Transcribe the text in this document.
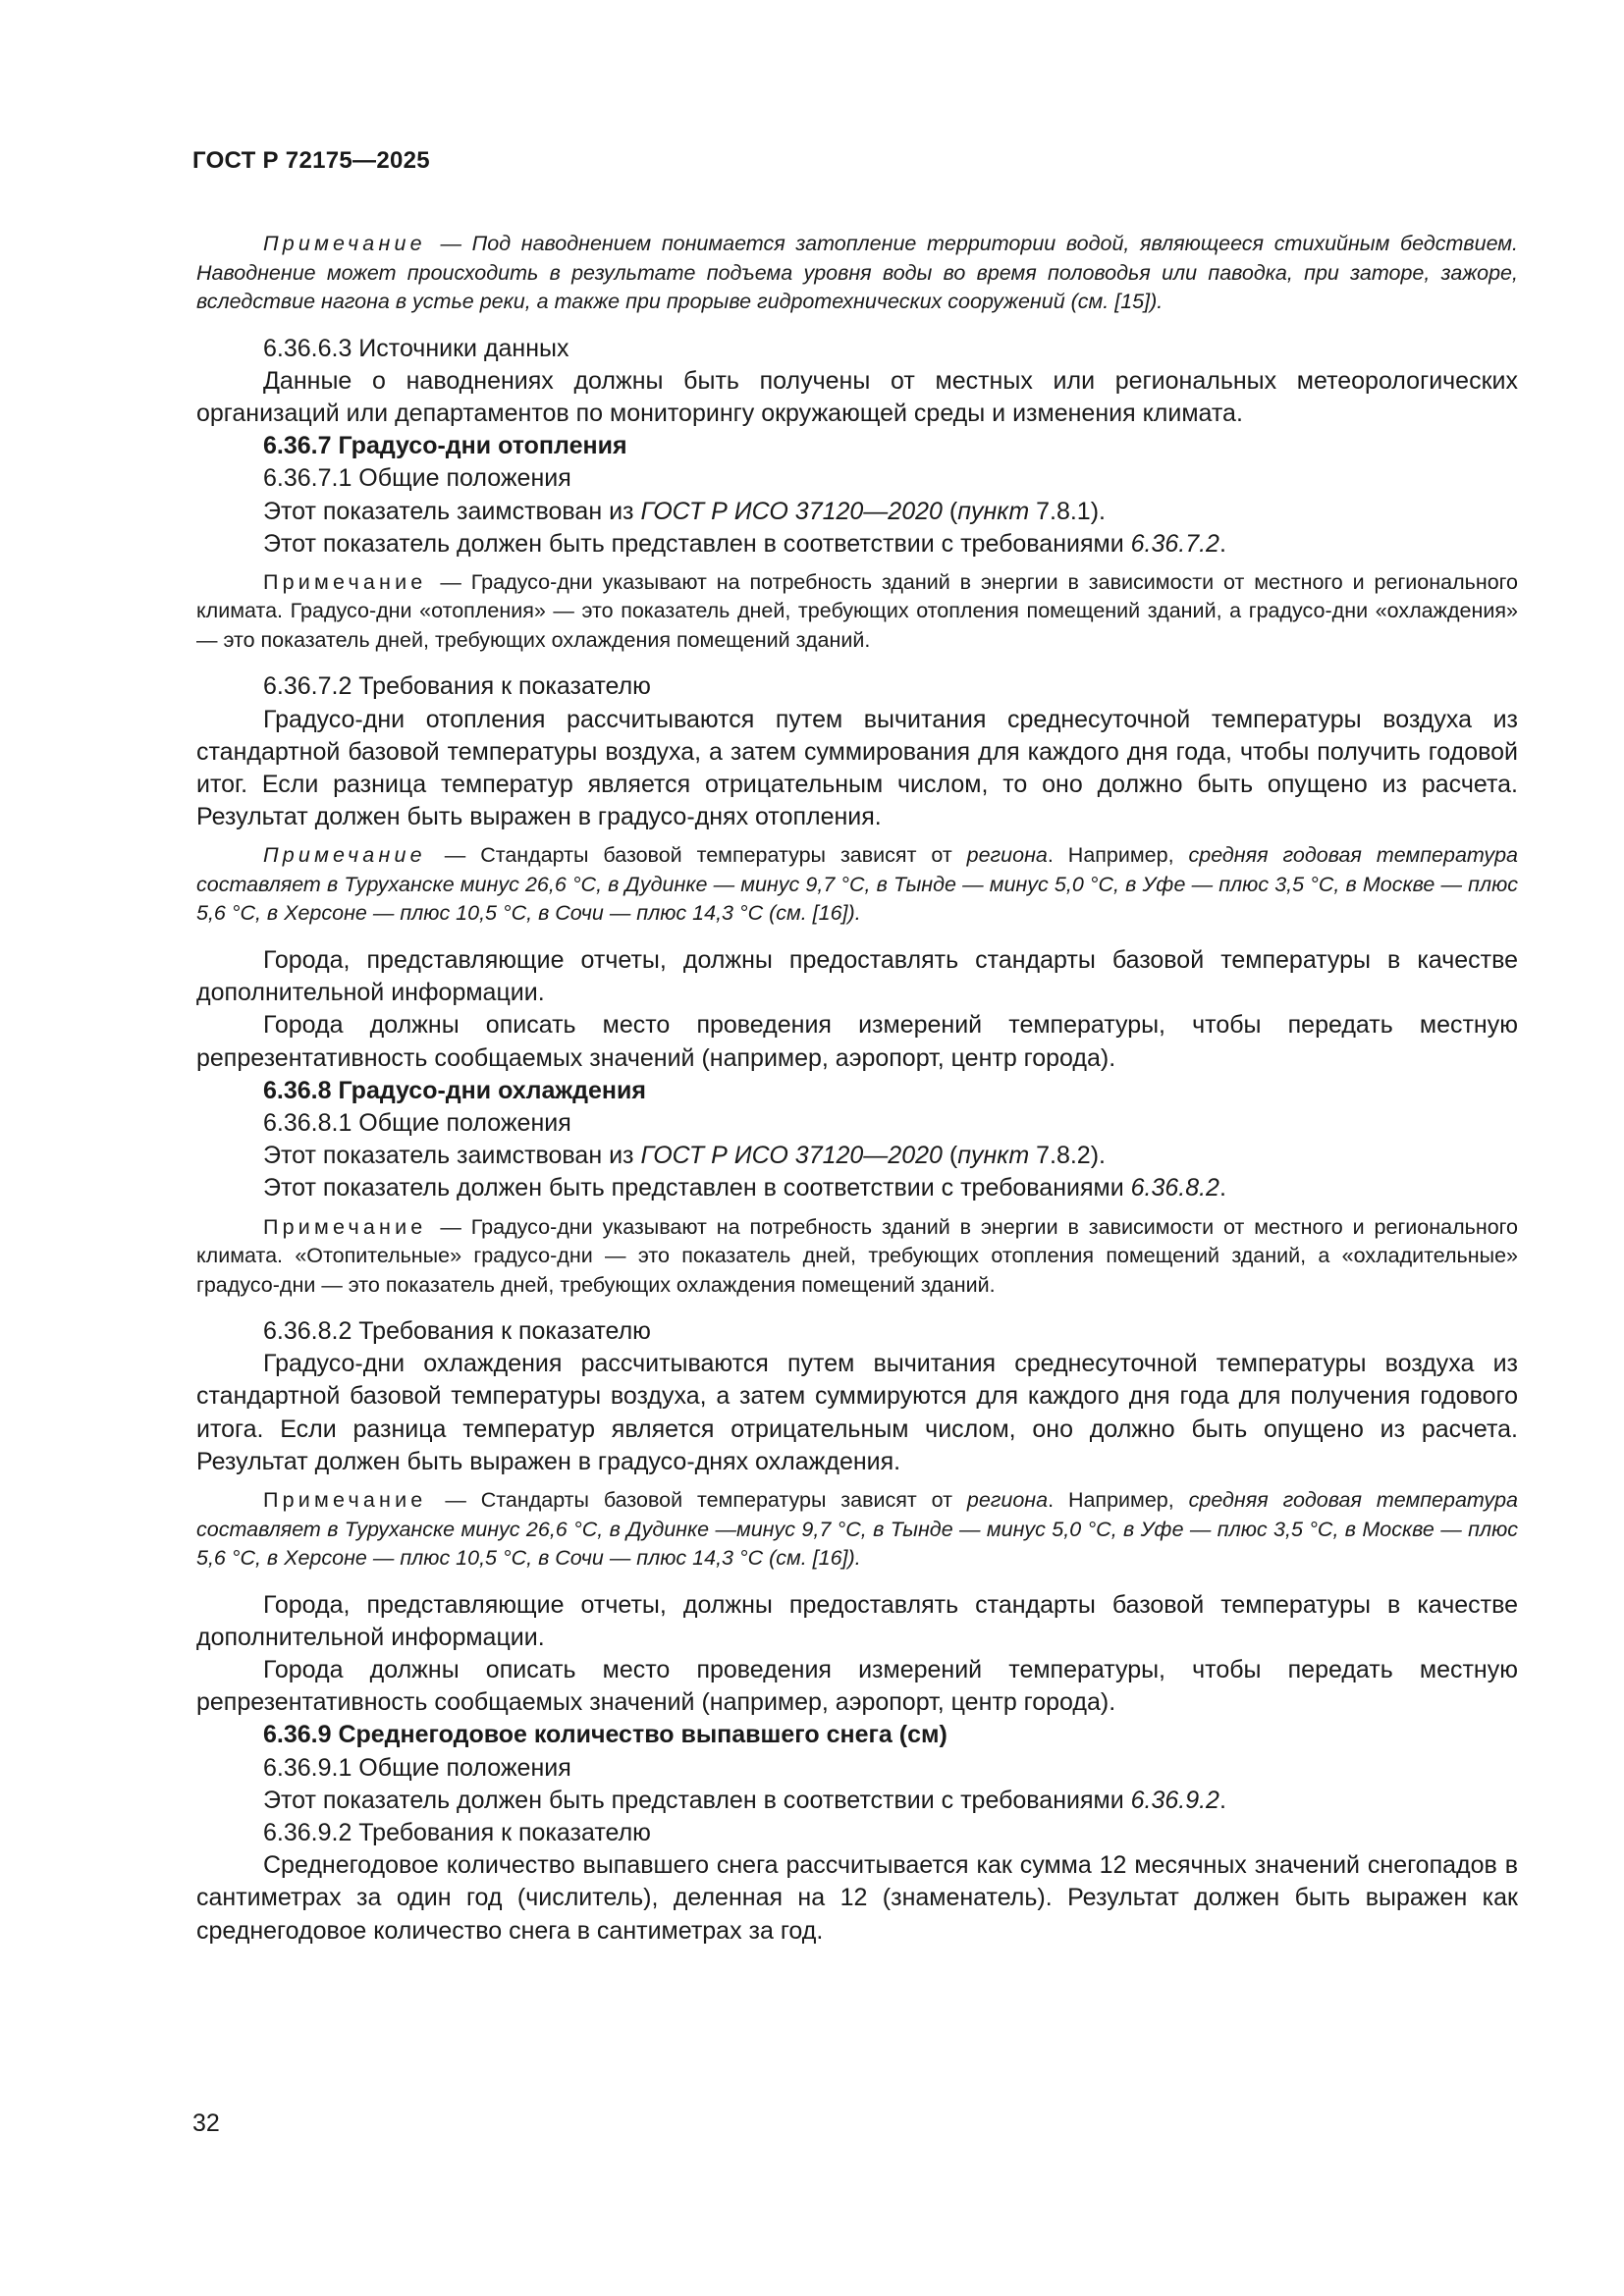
ГОСТ Р 72175—2025

Примечание — Под наводнением понимается затопление территории водой, являющееся стихийным бедствием. Наводнение может происходить в результате подъема уровня воды во время половодья или паводка, при заторе, зажоре, вследствие нагона в устье реки, а также при прорыве гидротехнических сооружений (см. [15]).

6.36.6.3 Источники данных

Данные о наводнениях должны быть получены от местных или региональных метеорологических организаций или департаментов по мониторингу окружающей среды и изменения климата.

6.36.7 Градусо-дни отопления

6.36.7.1 Общие положения

Этот показатель заимствован из ГОСТ Р ИСО 37120—2020 (пункт 7.8.1).

Этот показатель должен быть представлен в соответствии с требованиями 6.36.7.2.

Примечание — Градусо-дни указывают на потребность зданий в энергии в зависимости от местного и регионального климата. Градусо-дни «отопления» — это показатель дней, требующих отопления помещений зданий, а градусо-дни «охлаждения» — это показатель дней, требующих охлаждения помещений зданий.

6.36.7.2 Требования к показателю

Градусо-дни отопления рассчитываются путем вычитания среднесуточной температуры воздуха из стандартной базовой температуры воздуха, а затем суммирования для каждого дня года, чтобы получить годовой итог. Если разница температур является отрицательным числом, то оно должно быть опущено из расчета. Результат должен быть выражен в градусо-днях отопления.

Примечание — Стандарты базовой температуры зависят от региона. Например, средняя годовая температура составляет в Туруханске минус 26,6 °С, в Дудинке — минус 9,7 °С, в Тынде — минус 5,0 °С, в Уфе — плюс 3,5 °С, в Москве — плюс 5,6 °С, в Херсоне — плюс 10,5 °С, в Сочи — плюс 14,3 °С (см. [16]).

Города, представляющие отчеты, должны предоставлять стандарты базовой температуры в качестве дополнительной информации.

Города должны описать место проведения измерений температуры, чтобы передать местную репрезентативность сообщаемых значений (например, аэропорт, центр города).

6.36.8 Градусо-дни охлаждения

6.36.8.1 Общие положения

Этот показатель заимствован из ГОСТ Р ИСО 37120—2020 (пункт 7.8.2).

Этот показатель должен быть представлен в соответствии с требованиями 6.36.8.2.

Примечание — Градусо-дни указывают на потребность зданий в энергии в зависимости от местного и регионального климата. «Отопительные» градусо-дни — это показатель дней, требующих отопления помещений зданий, а «охладительные» градусо-дни — это показатель дней, требующих охлаждения помещений зданий.

6.36.8.2 Требования к показателю

Градусо-дни охлаждения рассчитываются путем вычитания среднесуточной температуры воздуха из стандартной базовой температуры воздуха, а затем суммируются для каждого дня года для получения годового итога. Если разница температур является отрицательным числом, оно должно быть опущено из расчета. Результат должен быть выражен в градусо-днях охлаждения.

Примечание — Стандарты базовой температуры зависят от региона. Например, средняя годовая температура составляет в Туруханске минус 26,6 °С, в Дудинке —минус 9,7 °С, в Тынде — минус 5,0 °С, в Уфе — плюс 3,5 °С, в Москве — плюс 5,6 °С, в Херсоне — плюс 10,5 °С, в Сочи — плюс 14,3 °С (см. [16]).

Города, представляющие отчеты, должны предоставлять стандарты базовой температуры в качестве дополнительной информации.

Города должны описать место проведения измерений температуры, чтобы передать местную репрезентативность сообщаемых значений (например, аэропорт, центр города).

6.36.9 Среднегодовое количество выпавшего снега (см)

6.36.9.1 Общие положения

Этот показатель должен быть представлен в соответствии с требованиями 6.36.9.2.

6.36.9.2 Требования к показателю

Среднегодовое количество выпавшего снега рассчитывается как сумма 12 месячных значений снегопадов в сантиметрах за один год (числитель), деленная на 12 (знаменатель). Результат должен быть выражен как среднегодовое количество снега в сантиметрах за год.

32
